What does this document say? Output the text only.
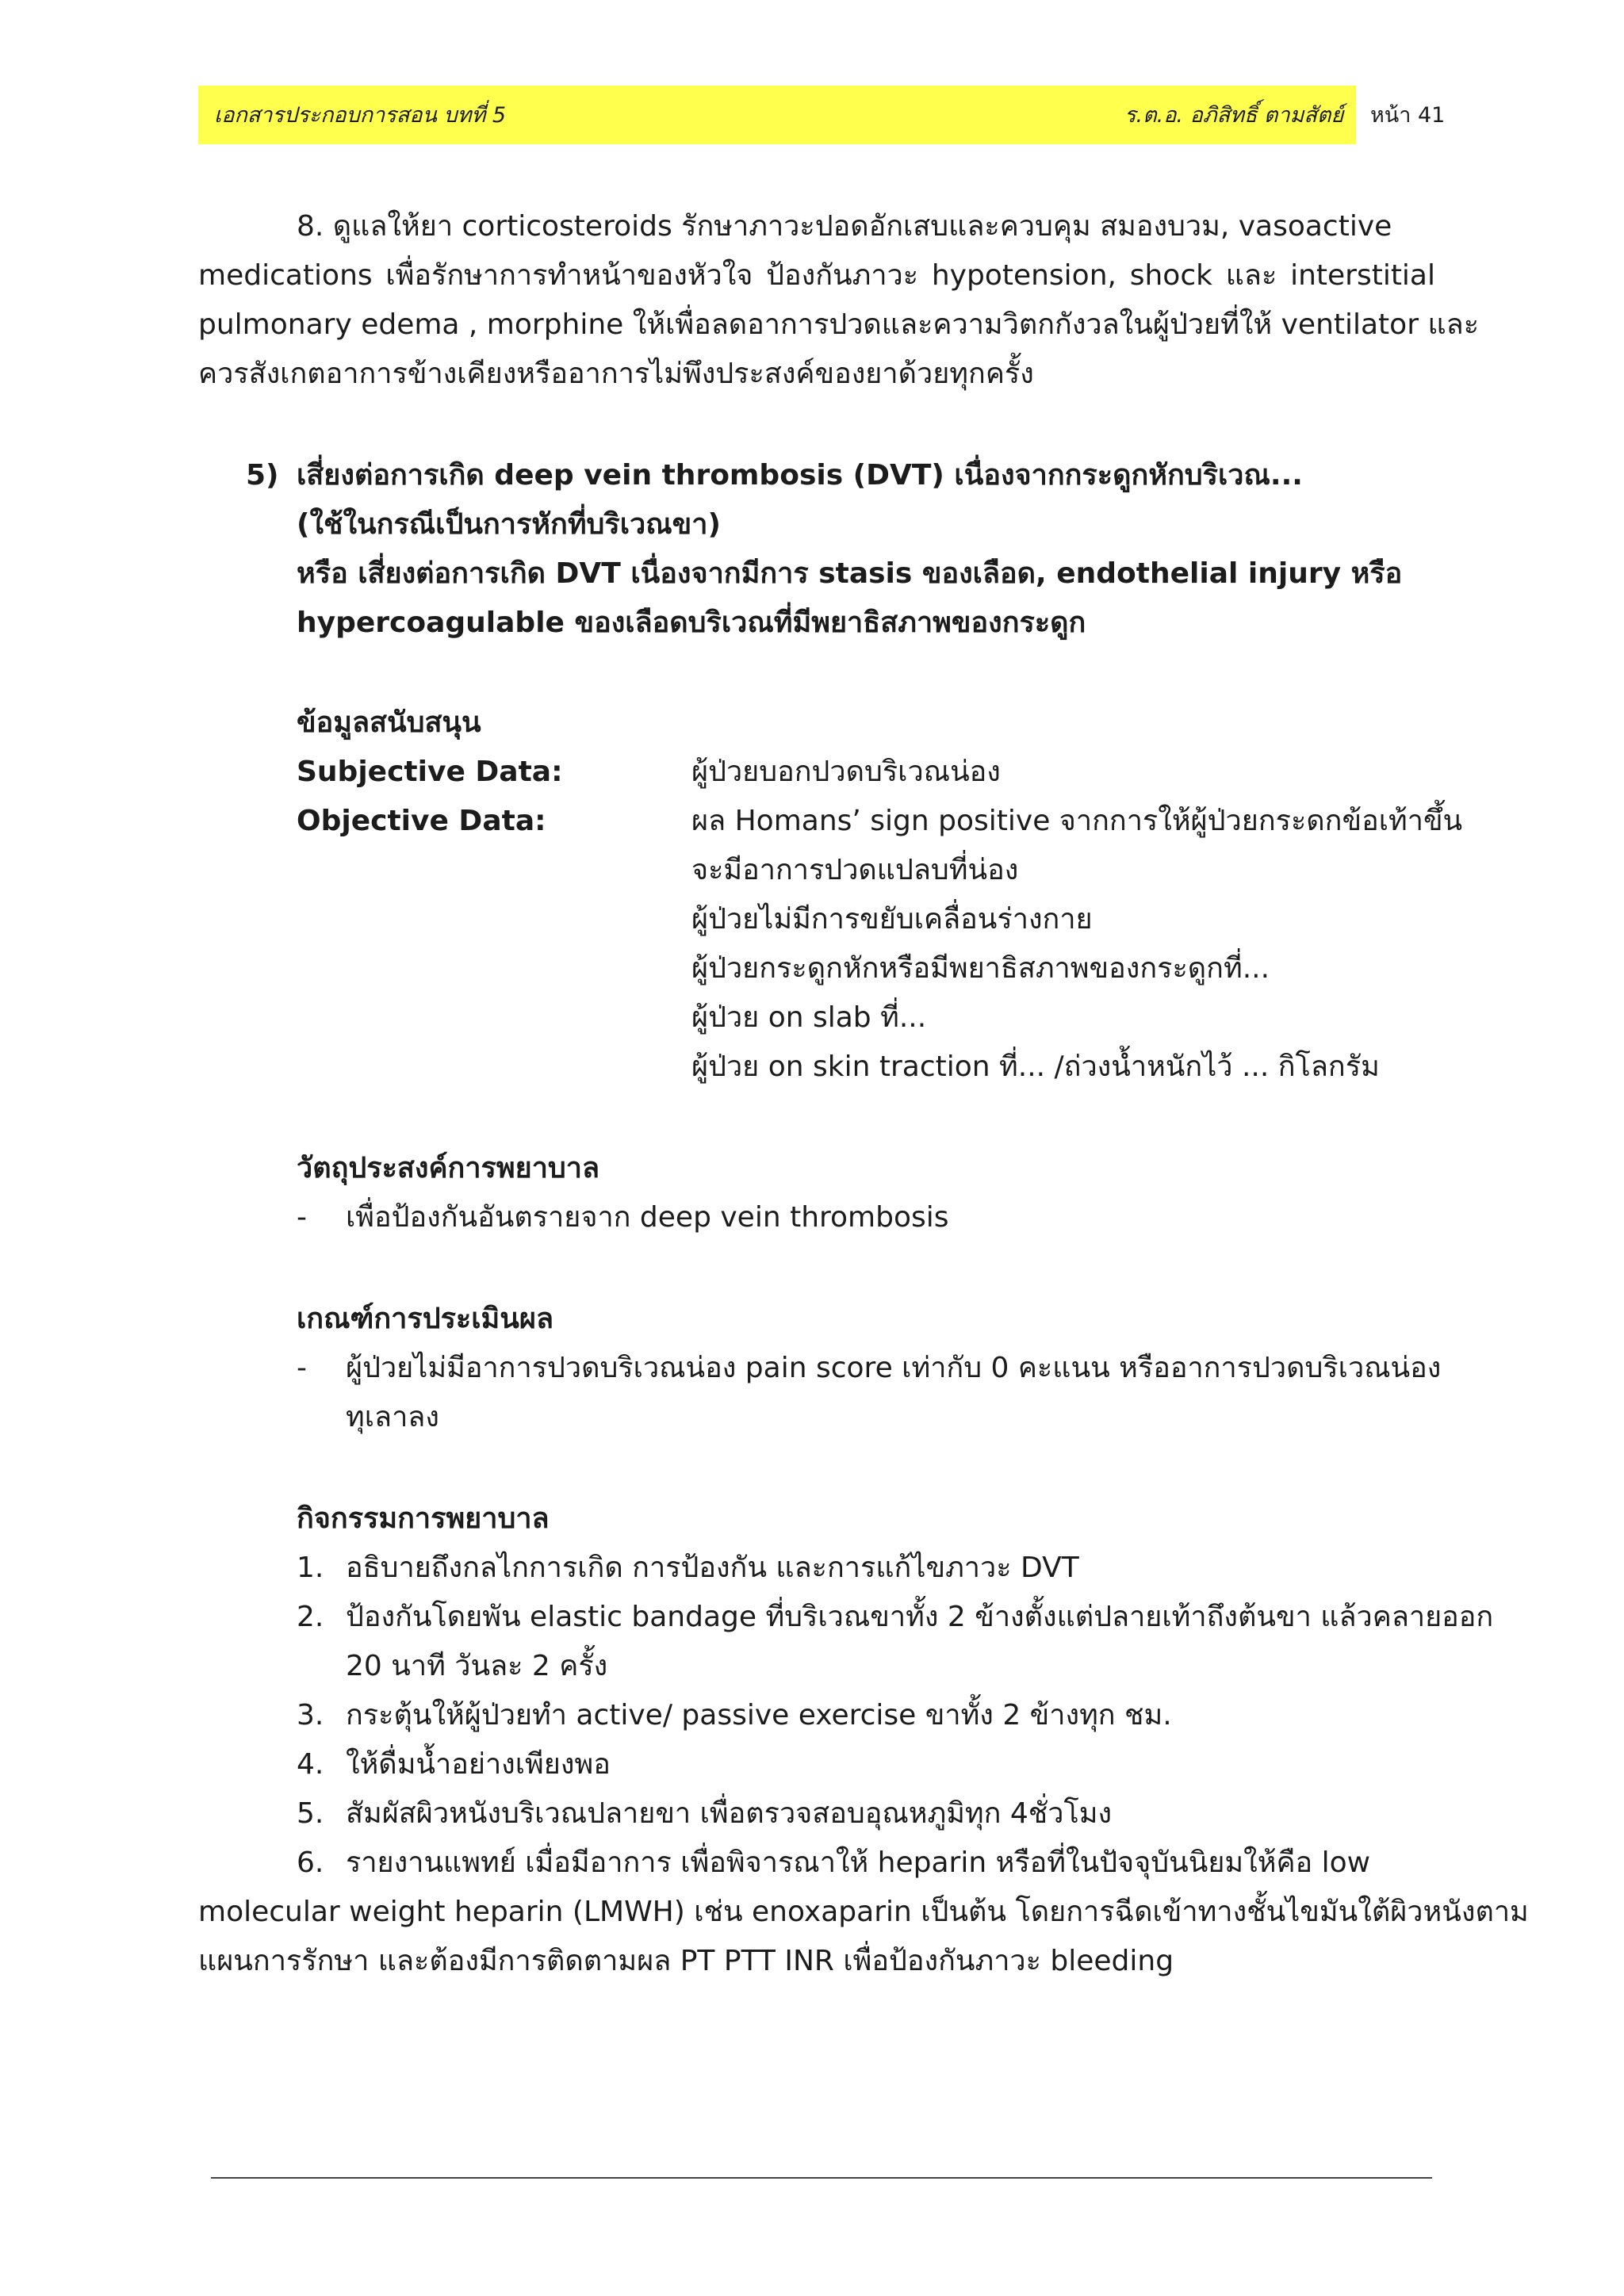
เอกสารประกอบการสอน บทที่ 5	ร.ต.อ. อภิสิทธิ์ ตามสัตย์ หน้า 41
8. ดูแลให้ยา corticosteroids รักษาภาวะปอดอักเสบและควบคุม สมองบวม, vasoactive
medications เพื่อรักษาการทำหน้าของหัวใจ ป้องกันภาวะ hypotension, shock และ interstitial
pulmonary edema , morphine ให้เพื่อลดอาการปวดและความวิตกกังวลในผู้ป่วยที่ให้ ventilator และ
ควรสังเกตอาการข้างเคียงหรืออาการไม่พึงประสงค์ของยาด้วยทุกครั้ง
5) เสี่ยงต่อการเกิด deep vein thrombosis (DVT) เนื่องจากกระดูกหักบริเวณ...
(ใช้ในกรณีเป็นการหักที่บริเวณขา)
หรือ เสี่ยงต่อการเกิด DVT เนื่องจากมีการ stasis ของเลือด, endothelial injury หรือ
hypercoagulable ของเลือดบริเวณที่มีพยาธิสภาพของกระดูก
ข้อมูลสนับสนุน
Subjective Data:	ผู้ป่วยบอกปวดบริเวณน่อง
Objective Data:	ผล Homans’ sign positive จากการให้ผู้ป่วยกระดกข้อเท้าขึ้น
จะมีอาการปวดแปลบที่น่อง
ผู้ป่วยไม่มีการขยับเคลื่อนร่างกาย
ผู้ป่วยกระดูกหักหรือมีพยาธิสภาพของกระดูกที่...
ผู้ป่วย on slab ที่...
ผู้ป่วย on skin traction ที่... /ถ่วงน้ำหนักไว้ ... กิโลกรัม
วัตถุประสงค์การพยาบาล
- เพื่อป้องกันอันตรายจาก deep vein thrombosis
เกณฑ์การประเมินผล
- ผู้ป่วยไม่มีอาการปวดบริเวณน่อง pain score เท่ากับ 0 คะแนน หรืออาการปวดบริเวณน่อง
ทุเลาลง
กิจกรรมการพยาบาล
1. อธิบายถึงกลไกการเกิด การป้องกัน และการแก้ไขภาวะ DVT
2. ป้องกันโดยพัน elastic bandage ที่บริเวณขาทั้ง 2 ข้างตั้งแต่ปลายเท้าถึงต้นขา แล้วคลายออก
20 นาที วันละ 2 ครั้ง
3. กระตุ้นให้ผู้ป่วยทำ active/ passive exercise ขาทั้ง 2 ข้างทุก ชม.
4. ให้ดื่มน้ำอย่างเพียงพอ
5. สัมผัสผิวหนังบริเวณปลายขา เพื่อตรวจสอบอุณหภูมิทุก 4ชั่วโมง
6. รายงานแพทย์ เมื่อมีอาการ เพื่อพิจารณาให้ heparin หรือที่ในปัจจุบันนิยมให้คือ low
molecular weight heparin (LMWH) เช่น enoxaparin เป็นต้น โดยการฉีดเข้าทางชั้นไขมันใต้ผิวหนังตาม
แผนการรักษา และต้องมีการติดตามผล PT PTT INR เพื่อป้องกันภาวะ bleeding
